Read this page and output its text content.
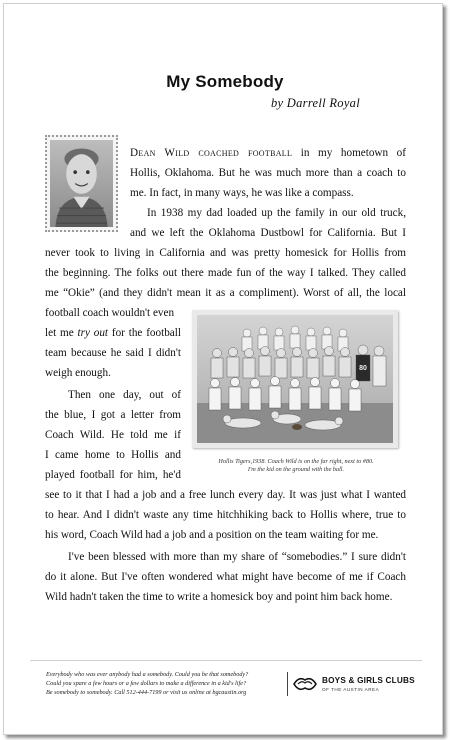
My Somebody
by Darrell Royal
Dean Wild coached football in my hometown of
Hollis, Oklahoma. But he was much more than a coach to
me. In fact, in many ways, he was like a compass.
In 1938 my dad loaded up the family in our old truck,
and we left the Oklahoma Dustbowl for California. But I
never took to living in California and was pretty homesick for Hollis from
the beginning. The folks out there made fun of the way I talked. They called
me “Okie” (and they didn't mean it as a compliment). Worst of all, the local
football coach wouldn't even
let me try out for the football
team because he said I didn't
weigh enough.
Then one day, out of
the blue, I got a letter from
Coach Wild. He told me if
I came home to Hollis and
played football for him, he'd
see to it that I had a job and a free lunch every day. It was just what I wanted
to hear. And I didn't waste any time hitchhiking back to Hollis where, true to
his word, Coach Wild had a job and a position on the team waiting for me.
I've been blessed with more than my share of “somebodies.” I sure didn't
do it alone. But I've often wondered what might have become of me if Coach
Wild hadn't taken the time to write a homesick boy and point him back home.
80
Hollis Tigers,1938. Coach Wild is on the far right, next to #80.
I'm the kid on the ground with the ball.
Everybody who was ever anybody had a somebody. Could you be that somebody?
Could you spare a few hours or a few dollars to make a difference in a kid's life?
Be somebody to somebody. Call 512-444-7199 or visit us online at bgcaustin.org
BOYS & GIRLS CLUBS
OF THE AUSTIN AREA
